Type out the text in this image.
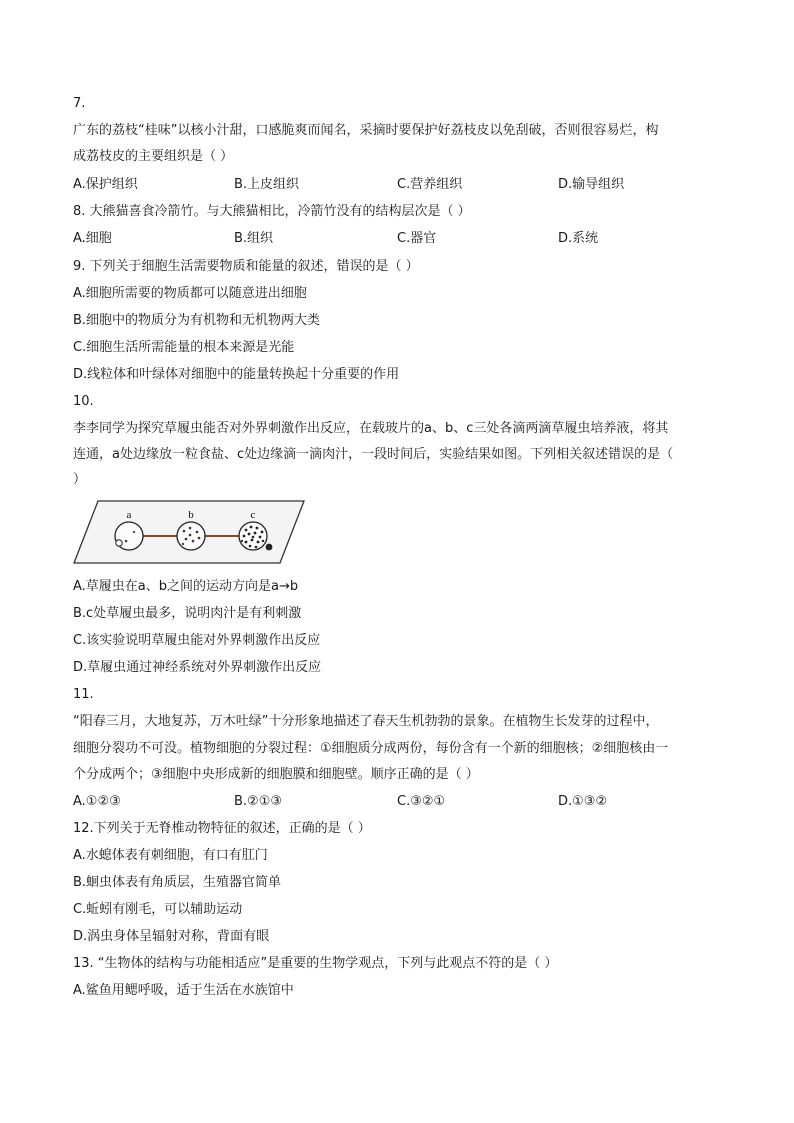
7.
广东的荔枝“桂味”以核小汁甜，口感脆爽而闻名，采摘时要保护好荔枝皮以免刮破，否则很容易烂，构
成荔枝皮的主要组织是（ ）
A.保护组织	B.上皮组织	C.营养组织	D.输导组织
8. 大熊猫喜食冷箭竹。与大熊猫相比，冷箭竹没有的结构层次是（ ）
A.细胞	B.组织	C.器官	D.系统
9. 下列关于细胞生活需要物质和能量的叙述，错误的是（ ）
A.细胞所需要的物质都可以随意进出细胞
B.细胞中的物质分为有机物和无机物两大类
C.细胞生活所需能量的根本来源是光能
D.线粒体和叶绿体对细胞中的能量转换起十分重要的作用
10.
李李同学为探究草履虫能否对外界刺激作出反应，在载玻片的a、b、c三处各滴两滴草履虫培养液，将其
连通，a处边缘放一粒食盐、c处边缘滴一滴肉汁，一段时间后，实验结果如图。下列相关叙述错误的是（
）
a	b	c
A.草履虫在a、b之间的运动方向是a→b
B.c处草履虫最多，说明肉汁是有利刺激
C.该实验说明草履虫能对外界刺激作出反应
D.草履虫通过神经系统对外界刺激作出反应
11.
“阳春三月，大地复苏，万木吐绿”十分形象地描述了春天生机勃勃的景象。在植物生长发芽的过程中，
细胞分裂功不可没。植物细胞的分裂过程：①细胞质分成两份，每份含有一个新的细胞核；②细胞核由一
个分成两个；③细胞中央形成新的细胞膜和细胞壁。顺序正确的是（ ）
A.①②③	B.②①③	C.③②①	D.①③②
12.下列关于无脊椎动物特征的叙述，正确的是（ ）
A.水螅体表有刺细胞，有口有肛门
B.蛔虫体表有角质层，生殖器官简单
C.蚯蚓有刚毛，可以辅助运动
D.涡虫身体呈辐射对称，背面有眼
13. “生物体的结构与功能相适应”是重要的生物学观点，下列与此观点不符的是（ ）
A.鲨鱼用鳃呼吸，适于生活在水族馆中
